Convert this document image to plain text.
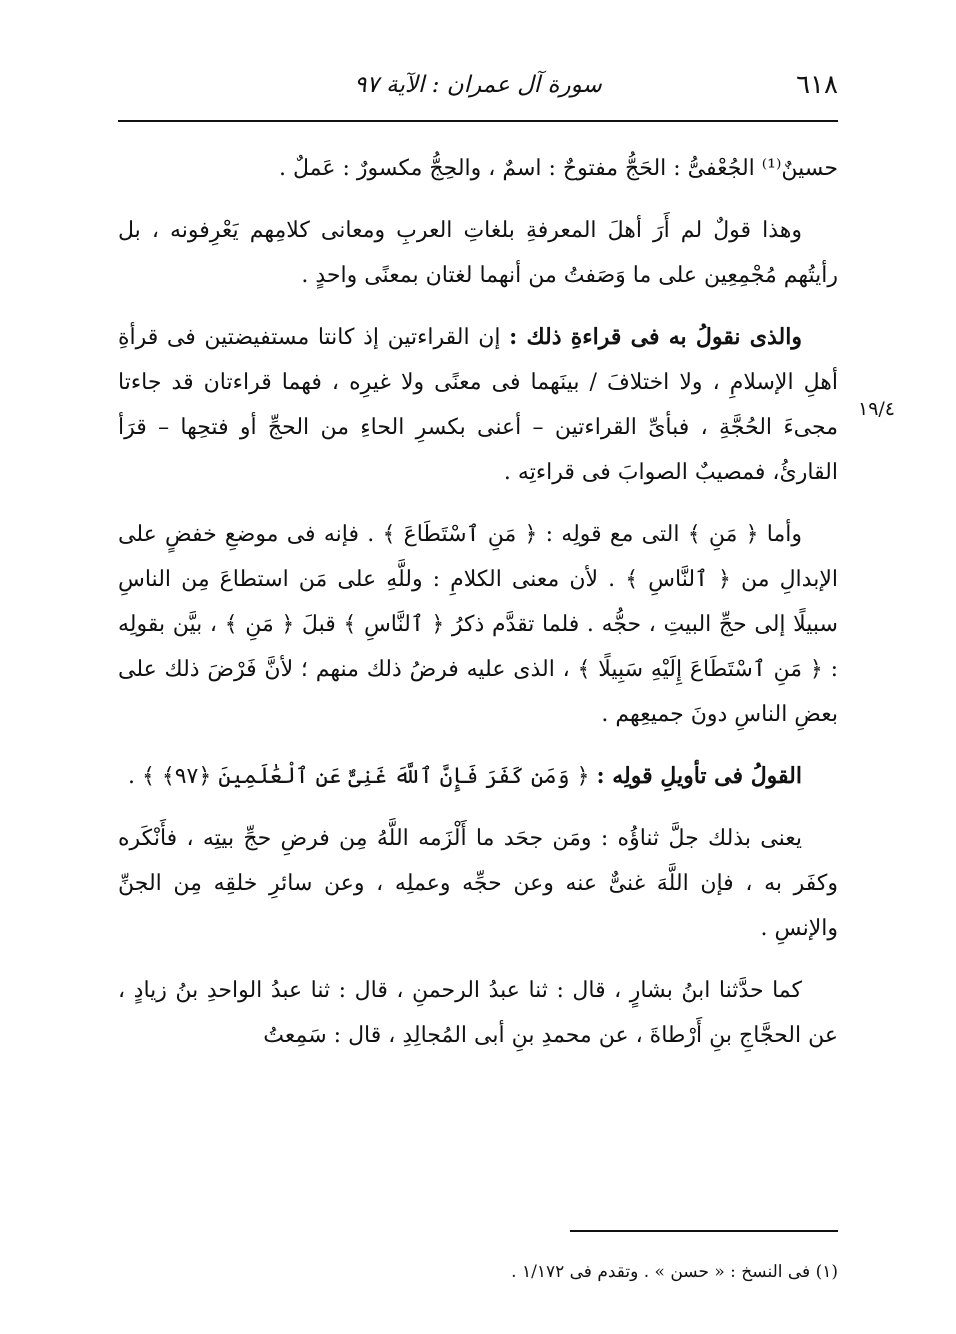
٦١٨
سورة آل عمران : الآية ٩٧
١٩/٤

حسينٌ⁽¹⁾ الجُعْفىُّ : الحَجُّ مفتوحٌ : اسمٌ ، والحِجُّ مكسورٌ : عَملٌ .

وهذا قولٌ لم أَرَ أهلَ المعرفةِ بلغاتِ العربِ ومعانى كلامِهم يَعْرِفونه ، بل رأيتُهم مُجْمِعِين على ما وَصَفتُ من أنهما لغتان بمعنًى واحدٍ .

والذى نقولُ به فى قراءةِ ذلك : إن القراءتين إذ كانتا مستفيضتين فى قرأةِ أهلِ الإسلامِ ، ولا اختلافَ / بينَهما فى معنًى ولا غيرِه ، فهما قراءتان قد جاءتا مجىءَ الحُجَّةِ ، فبأىِّ القراءتين – أعنى بكسرِ الحاءِ من الحجِّ أو فتحِها – قرَأ القارئُ، فمصيبٌ الصوابَ فى قراءتِه .

وأما ﴿ مَنِ ﴾ التى مع قولِه : ﴿ مَنِ ٱسْتَطَاعَ ﴾ . فإنه فى موضعِ خفضٍ على الإبدالِ من ﴿ ٱلنَّاسِ ﴾ . لأن معنى الكلامِ : وللَّهِ على مَن استطاعَ مِن الناسِ سبيلًا إلى حجِّ البيتِ ، حجُّه . فلما تقدَّم ذكرُ ﴿ ٱلنَّاسِ ﴾ قبلَ ﴿ مَنِ ﴾ ، بيَّن بقولِه : ﴿ مَنِ ٱسْتَطَاعَ إِلَيْهِ سَبِيلًا ﴾ ، الذى عليه فرضُ ذلك منهم ؛ لأنَّ فَرْضَ ذلك على بعضِ الناسِ دونَ جميعِهم .

القولُ فى تأويلِ قولِه : ﴿ وَمَن كَفَرَ فَإِنَّ ٱللَّهَ غَنِىٌّ عَنِ ٱلْعَٰلَمِينَ ﴿٩٧﴾ ﴾ .

يعنى بذلك جلَّ ثناؤُه : ومَن جحَد ما أَلْزَمه اللَّهُ مِن فرضِ حجِّ بيتِه ، فأَنْكَره وكفَر به ، فإن اللَّهَ غنىٌّ عنه وعن حجِّه وعملِه ، وعن سائرِ خلقِه مِن الجنِّ والإنسِ .

كما حدَّثنا ابنُ بشارٍ ، قال : ثنا عبدُ الرحمنِ ، قال : ثنا عبدُ الواحدِ بنُ زيادٍ ، عن الحجَّاجِ بنِ أَرْطاةَ ، عن محمدِ بنِ أبى المُجالِدِ ، قال : سَمِعتُ

(١) فى النسخ : « حسن » . وتقدم فى ١/١٧٢ .
